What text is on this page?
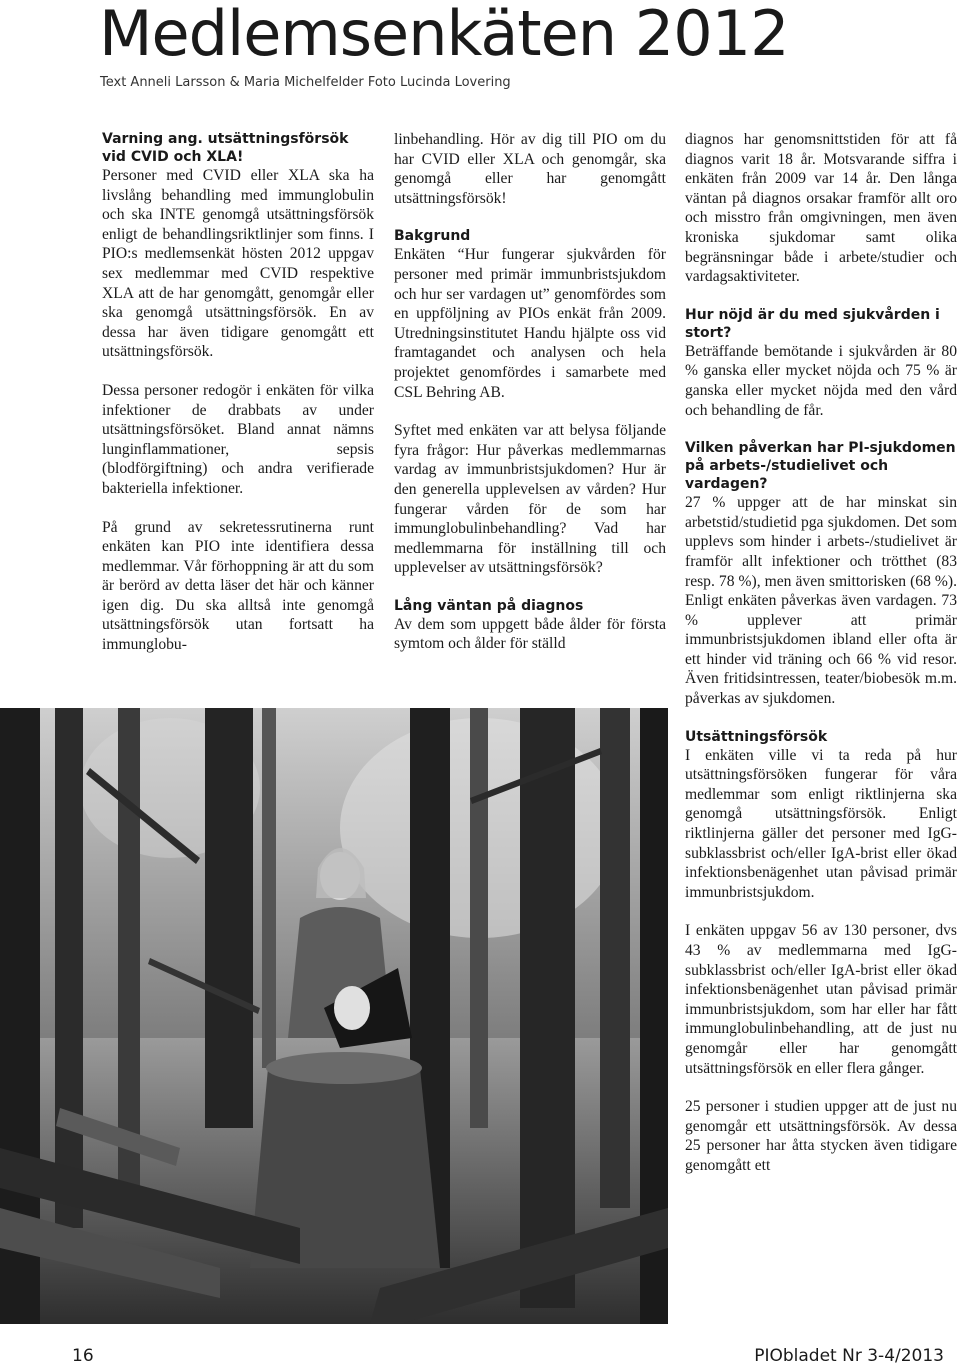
Medlemsenkäten 2012
Text Anneli Larsson & Maria Michelfelder Foto Lucinda Lovering
Varning ang. utsättningsförsök vid CVID och XLA!

Personer med CVID eller XLA ska ha livslång behandling med immunglobulin och ska INTE genomgå utsättningsförsök enligt de behandlingsriktlinjer som finns. I PIO:s medlemsenkät hösten 2012 uppgav sex medlemmar med CVID respektive XLA att de har genomgått, genomgår eller ska genomgå utsättningsförsök. En av dessa har även tidigare genomgått ett utsättningsförsök.

Dessa personer redogör i enkäten för vilka infektioner de drabbats av under utsättningsförsöket. Bland annat nämns lunginflammationer, sepsis (blodförgiftning) och andra verifierade bakteriella infektioner.

På grund av sekretessrutinerna runt enkäten kan PIO inte identifiera dessa medlemmar. Vår förhoppning är att du som är berörd av detta läser det här och känner igen dig. Du ska alltså inte genomgå utsättningsförsök utan fortsatt ha immunglobu-

linbehandling. Hör av dig till PIO om du har CVID eller XLA och genomgår, ska genomgå eller har genomgått utsättningsförsök!

Bakgrund

Enkäten “Hur fungerar sjukvården för personer med primär immunbristsjukdom och hur ser vardagen ut” genomfördes som en uppföljning av PIOs enkät från 2009. Utredningsinstitutet Handu hjälpte oss vid framtagandet och analysen och hela projektet genomfördes i samarbete med CSL Behring AB.

Syftet med enkäten var att belysa följande fyra frågor: Hur påverkas medlemmarnas vardag av immunbristsjukdomen? Hur är den generella upplevelsen av vården? Hur fungerar vården för de som har immunglobulinbehandling? Vad har medlemmarna för inställning till och upplevelser av utsättningsförsök?

Lång väntan på diagnos

Av dem som uppgett både ålder för första symtom och ålder för ställd

diagnos har genomsnittstiden för att få diagnos varit 18 år. Motsvarande siffra i enkäten från 2009 var 14 år. Den långa väntan på diagnos orsakar framför allt oro och misstro från omgivningen, men även kroniska sjukdomar samt olika begränsningar både i arbete/studier och vardagsaktiviteter.

Hur nöjd är du med sjukvården i stort?

Beträffande bemötande i sjukvården är 80 % ganska eller mycket nöjda och 75 % är ganska eller mycket nöjda med den vård och behandling de får.

Vilken påverkan har PI-sjukdomen på arbets-/studielivet och vardagen?

27 % uppger att de har minskat sin arbetstid/studietid pga sjukdomen. Det som upplevs som hinder i arbets-/studielivet är framför allt infektioner och trötthet (83 resp. 78 %), men även smittorisken (68 %). Enligt enkäten påverkas även vardagen. 73 % upplever att primär immunbristsjukdomen ibland eller ofta är ett hinder vid träning och 66 % vid resor. Även fritidsintressen, teater/biobesök m.m. påverkas av sjukdomen.

Utsättningsförsök

I enkäten ville vi ta reda på hur utsättningsförsöken fungerar för våra medlemmar som enligt riktlinjerna ska genomgå utsättningsförsök. Enligt riktlinjerna gäller det personer med IgG-subklassbrist och/eller IgA-brist eller ökad infektionsbenägenhet utan påvisad primär immunbristsjukdom.

I enkäten uppgav 56 av 130 personer, dvs 43 % av medlemmarna med IgG-subklassbrist och/eller IgA-brist eller ökad infektionsbenägenhet utan påvisad primär immunbristsjukdom, som har eller har fått immunglobulinbehandling, att de just nu genomgår eller har genomgått utsättningsförsök en eller flera gånger.

25 personer i studien uppger att de just nu genomgår ett utsättningsförsök. Av dessa 25 personer har åtta stycken även tidigare genomgått ett

16	PIObladet Nr 3-4/2013
